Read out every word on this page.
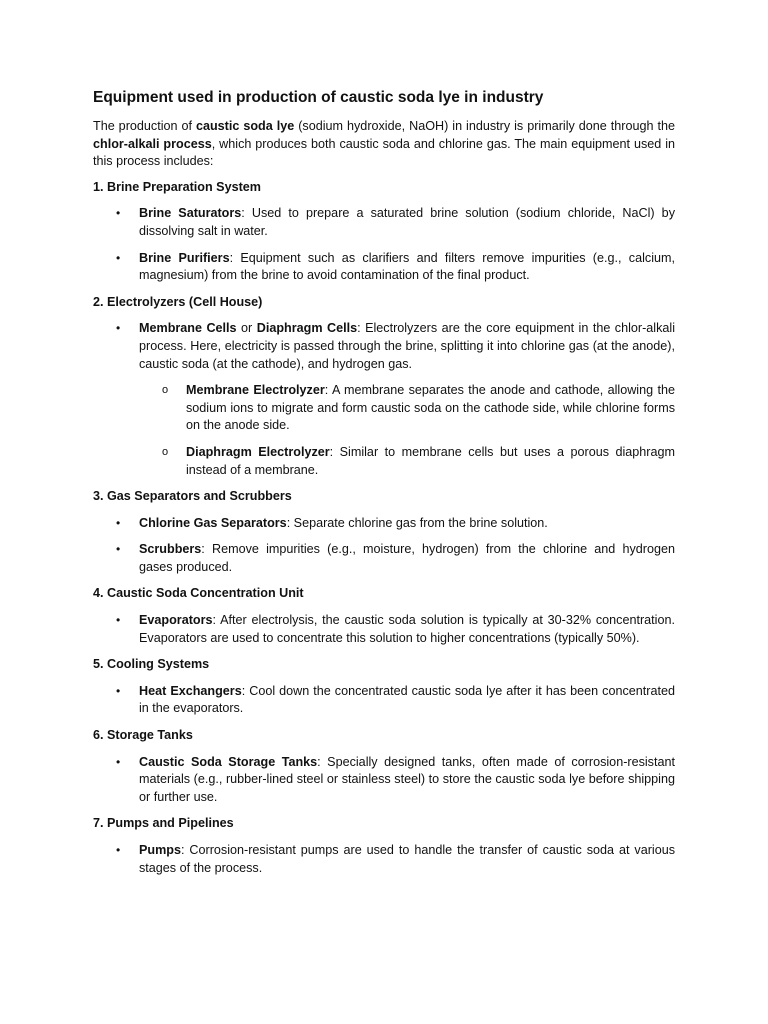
Equipment used in production of caustic soda lye in industry

The production of caustic soda lye (sodium hydroxide, NaOH) in industry is primarily done through the chlor-alkali process, which produces both caustic soda and chlorine gas. The main equipment used in this process includes:

1. Brine Preparation System
•	Brine Saturators: Used to prepare a saturated brine solution (sodium chloride, NaCl) by dissolving salt in water.
•	Brine Purifiers: Equipment such as clarifiers and filters remove impurities (e.g., calcium, magnesium) from the brine to avoid contamination of the final product.
2. Electrolyzers (Cell House)
•	Membrane Cells or Diaphragm Cells: Electrolyzers are the core equipment in the chlor-alkali process. Here, electricity is passed through the brine, splitting it into chlorine gas (at the anode), caustic soda (at the cathode), and hydrogen gas.
o Membrane Electrolyzer: A membrane separates the anode and cathode, allowing the sodium ions to migrate and form caustic soda on the cathode side, while chlorine forms on the anode side.
o Diaphragm Electrolyzer: Similar to membrane cells but uses a porous diaphragm instead of a membrane.
3. Gas Separators and Scrubbers
•	Chlorine Gas Separators: Separate chlorine gas from the brine solution.
•	Scrubbers: Remove impurities (e.g., moisture, hydrogen) from the chlorine and hydrogen gases produced.
4. Caustic Soda Concentration Unit
•	Evaporators: After electrolysis, the caustic soda solution is typically at 30-32% concentration. Evaporators are used to concentrate this solution to higher concentrations (typically 50%).
5. Cooling Systems
•	Heat Exchangers: Cool down the concentrated caustic soda lye after it has been concentrated in the evaporators.
6. Storage Tanks
•	Caustic Soda Storage Tanks: Specially designed tanks, often made of corrosion-resistant materials (e.g., rubber-lined steel or stainless steel) to store the caustic soda lye before shipping or further use.
7. Pumps and Pipelines
•	Pumps: Corrosion-resistant pumps are used to handle the transfer of caustic soda at various stages of the process.
